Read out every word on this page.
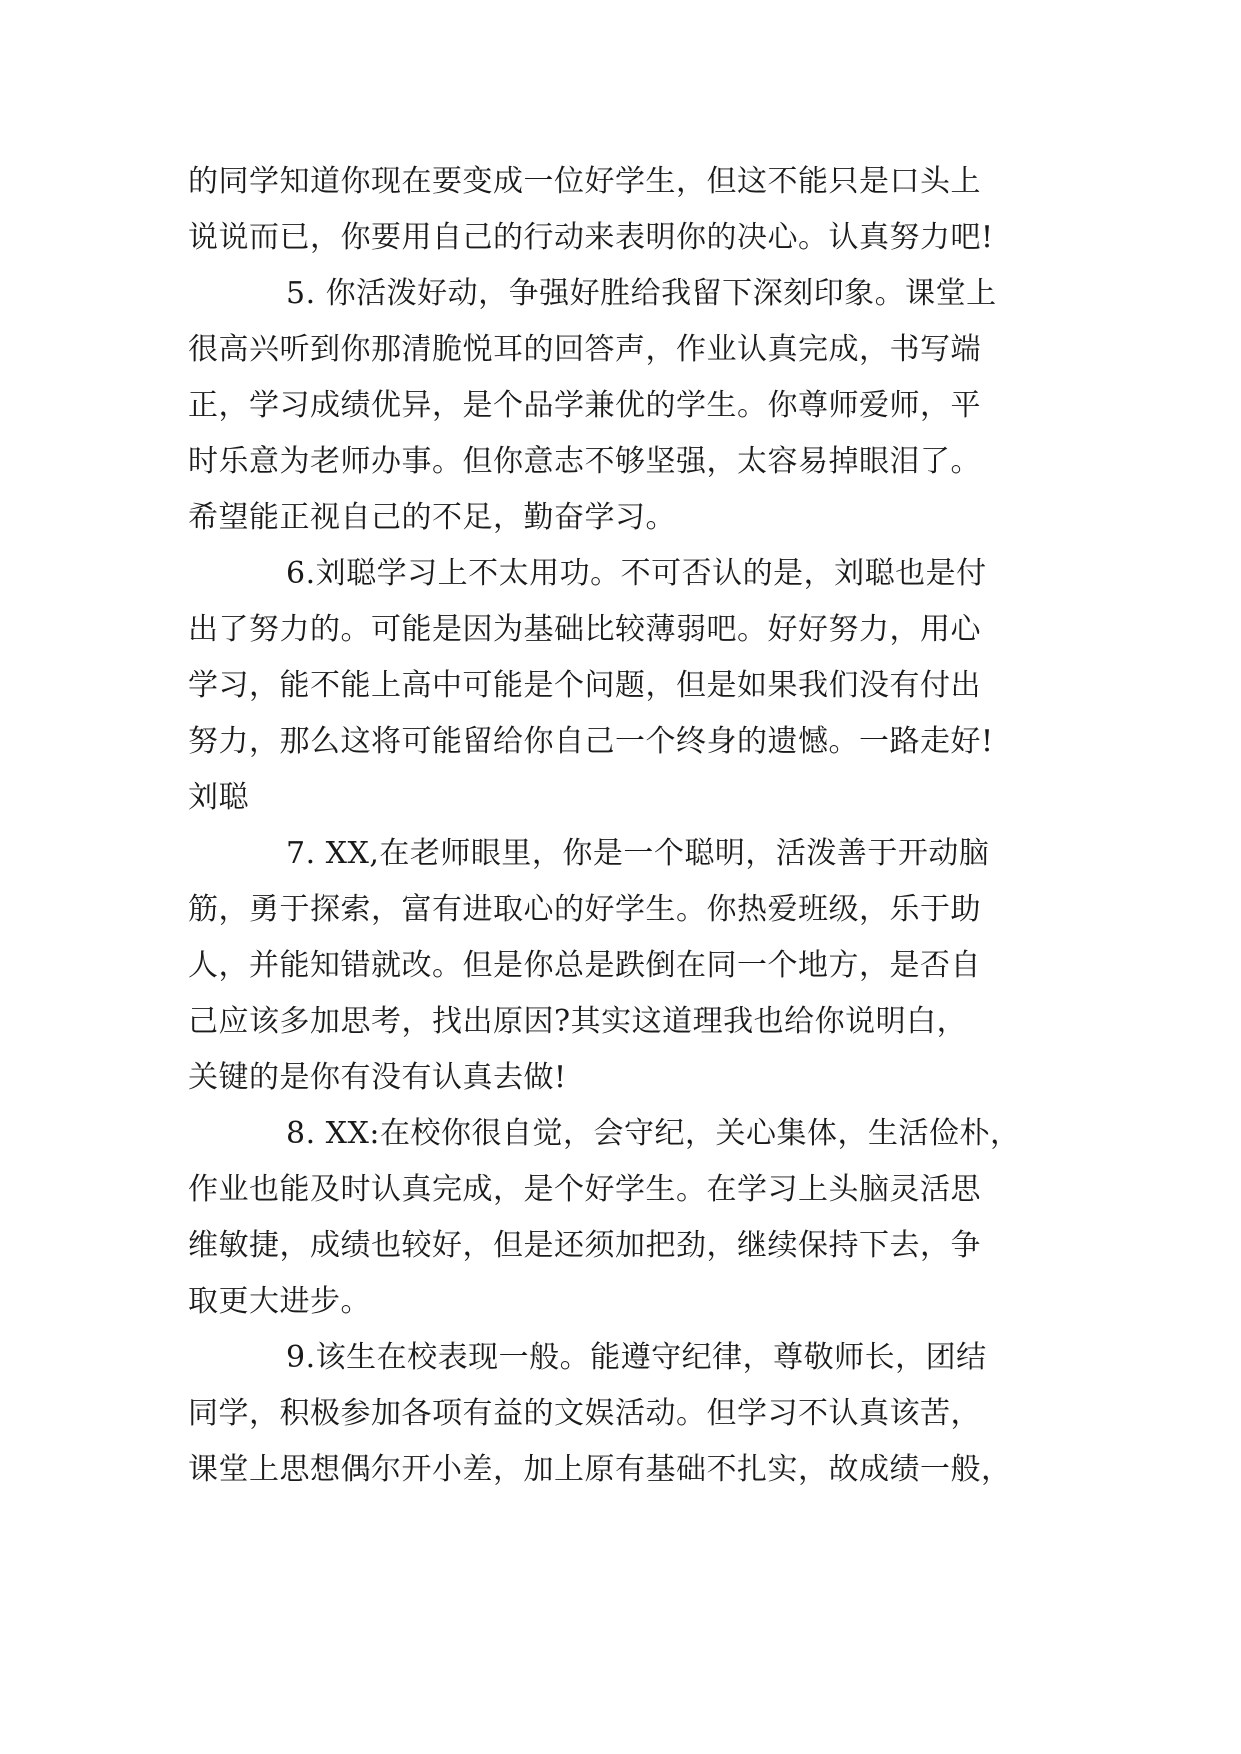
的同学知道你现在要变成一位好学生，但这不能只是口头上
说说而已，你要用自己的行动来表明你的决心。认真努力吧!
5. 你活泼好动，争强好胜给我留下深刻印象。课堂上
很高兴听到你那清脆悦耳的回答声，作业认真完成，书写端
正，学习成绩优异，是个品学兼优的学生。你尊师爱师，平
时乐意为老师办事。但你意志不够坚强，太容易掉眼泪了。
希望能正视自己的不足，勤奋学习。
6.刘聪学习上不太用功。不可否认的是，刘聪也是付
出了努力的。可能是因为基础比较薄弱吧。好好努力，用心
学习，能不能上高中可能是个问题，但是如果我们没有付出
努力，那么这将可能留给你自己一个终身的遗憾。一路走好!
刘聪
7. XX,在老师眼里，你是一个聪明，活泼善于开动脑
筋，勇于探索，富有进取心的好学生。你热爱班级，乐于助
人，并能知错就改。但是你总是跌倒在同一个地方，是否自
己应该多加思考，找出原因?其实这道理我也给你说明白，
关键的是你有没有认真去做!
8. XX:在校你很自觉，会守纪，关心集体，生活俭朴，
作业也能及时认真完成，是个好学生。在学习上头脑灵活思
维敏捷，成绩也较好，但是还须加把劲，继续保持下去，争
取更大进步。
9.该生在校表现一般。能遵守纪律，尊敬师长，团结
同学，积极参加各项有益的文娱活动。但学习不认真该苦，
课堂上思想偶尔开小差，加上原有基础不扎实，故成绩一般，
